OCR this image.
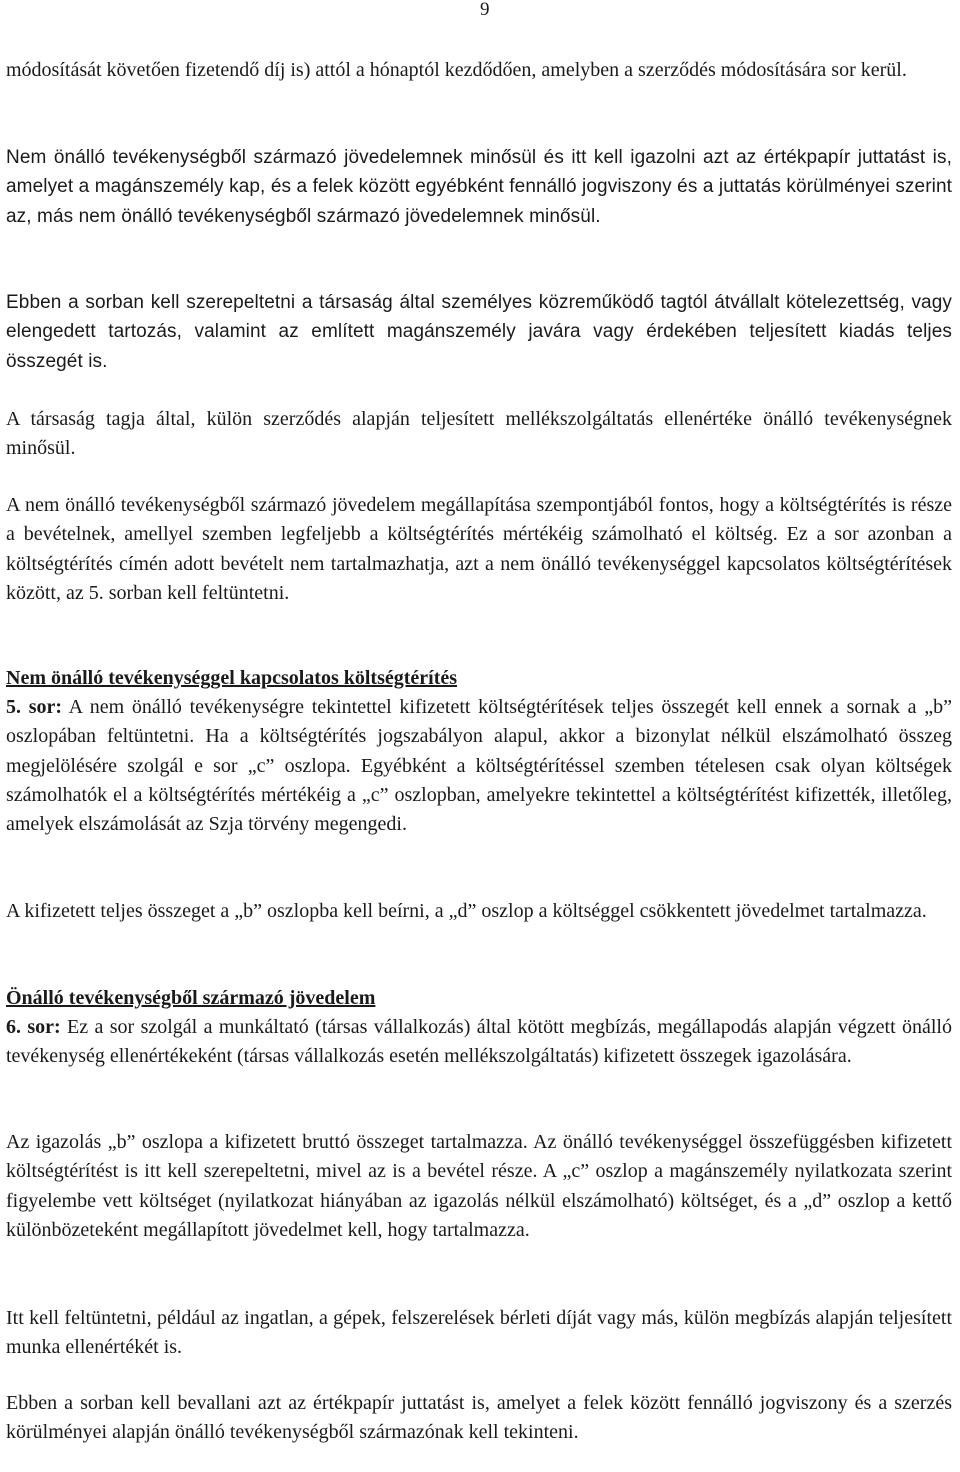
9

módosítását követően fizetendő díj is) attól a hónaptól kezdődően, amelyben a szerződés módosítására sor kerül.

Nem önálló tevékenységből származó jövedelemnek minősül és itt kell igazolni azt az értékpapír juttatást is, amelyet a magánszemély kap, és a felek között egyébként fennálló jogviszony és a juttatás körülményei szerint az, más nem önálló tevékenységből származó jövedelemnek minősül.

Ebben a sorban kell szerepeltetni a társaság által személyes közreműködő tagtól átvállalt kötelezettség, vagy elengedett tartozás, valamint az említett magánszemély javára vagy érdekében teljesített kiadás teljes összegét is.

A társaság tagja által, külön szerződés alapján teljesített mellékszolgáltatás ellenértéke önálló tevékenységnek minősül.

A nem önálló tevékenységből származó jövedelem megállapítása szempontjából fontos, hogy a költségtérítés is része a bevételnek, amellyel szemben legfeljebb a költségtérítés mértékéig számolható el költség. Ez a sor azonban a költségtérítés címén adott bevételt nem tartalmazhatja, azt a nem önálló tevékenységgel kapcsolatos költségtérítések között, az 5. sorban kell feltüntetni.

Nem önálló tevékenységgel kapcsolatos költségtérítés

5. sor: A nem önálló tevékenységre tekintettel kifizetett költségtérítések teljes összegét kell ennek a sornak a „b” oszlopában feltüntetni. Ha a költségtérítés jogszabályon alapul, akkor a bizonylat nélkül elszámolható összeg megjelölésére szolgál e sor „c” oszlopa. Egyébként a költségtérítéssel szemben tételesen csak olyan költségek számolhatók el a költségtérítés mértékéig a „c” oszlopban, amelyekre tekintettel a költségtérítést kifizették, illetőleg, amelyek elszámolását az Szja törvény megengedi.

A kifizetett teljes összeget a „b” oszlopba kell beírni, a „d” oszlop a költséggel csökkentett jövedelmet tartalmazza.

Önálló tevékenységből származó jövedelem

6. sor: Ez a sor szolgál a munkáltató (társas vállalkozás) által kötött megbízás, megállapodás alapján végzett önálló tevékenység ellenértékeként (társas vállalkozás esetén mellékszolgáltatás) kifizetett összegek igazolására.

Az igazolás „b” oszlopa a kifizetett bruttó összeget tartalmazza. Az önálló tevékenységgel összefüggésben kifizetett költségtérítést is itt kell szerepeltetni, mivel az is a bevétel része. A „c” oszlop a magánszemély nyilatkozata szerint figyelembe vett költséget (nyilatkozat hiányában az igazolás nélkül elszámolható) költséget, és a „d” oszlop a kettő különbözeteként megállapított jövedelmet kell, hogy tartalmazza.

Itt kell feltüntetni, például az ingatlan, a gépek, felszerelések bérleti díját vagy más, külön megbízás alapján teljesített munka ellenértékét is.

Ebben a sorban kell bevallani azt az értékpapír juttatást is, amelyet a felek között fennálló jogviszony és a szerzés körülményei alapján önálló tevékenységből származónak kell tekinteni.
